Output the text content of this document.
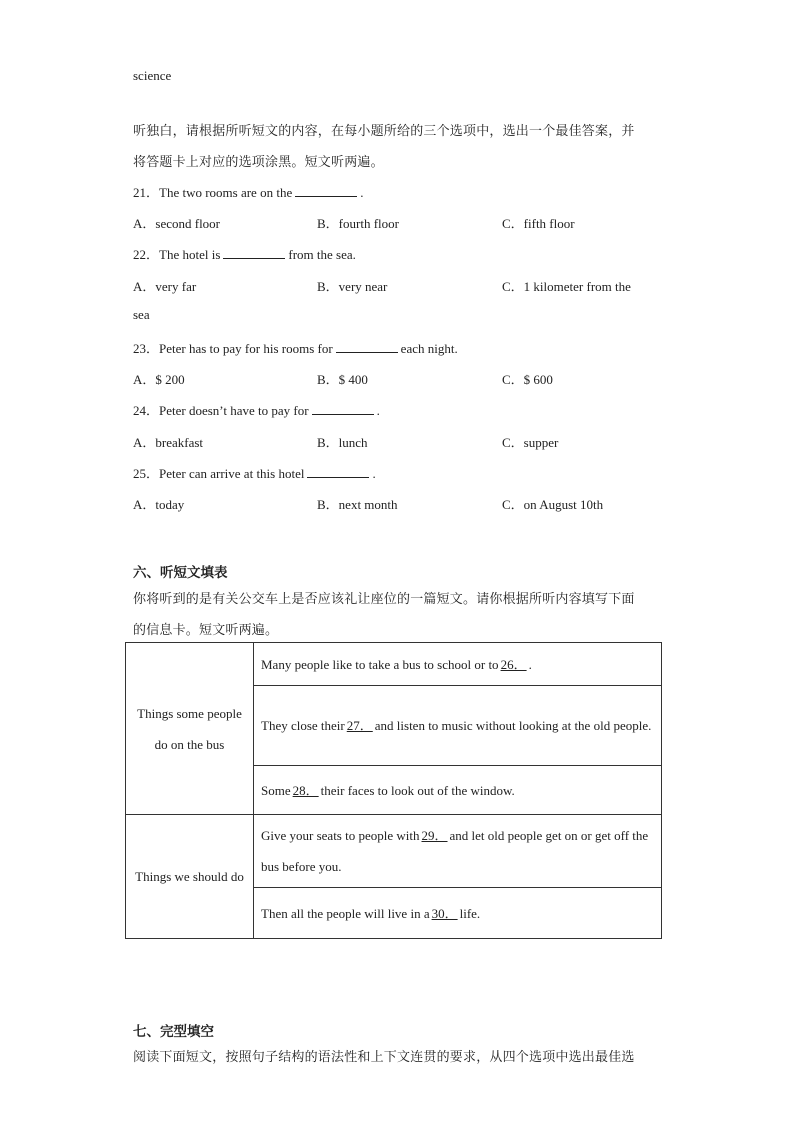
science
听独白，请根据所听短文的内容，在每小题所给的三个选项中，选出一个最佳答案，并
将答题卡上对应的选项涂黑。短文听两遍。
21．The two rooms are on the	.
A．second floor	B．fourth floor	C．fifth floor
22．The hotel is	from the sea.
A．very far	B．very near	C．1 kilometer from the
sea
23．Peter has to pay for his rooms for	each night.
A．$ 200	B．$ 400	C．$ 600
24．Peter doesn’t have to pay for	.
A．breakfast	B．lunch	C．supper
25．Peter can arrive at this hotel	.
A．today	B．next month	C．on August 10th
六、听短文填表
你将听到的是有关公交车上是否应该礼让座位的一篇短文。请你根据所听内容填写下面
的信息卡。短文听两遍。
Things some people do on the bus	Many people like to take a bus to school or to 26． .
	They close their 27． and listen to music without looking at the old people.
	Some 28． their faces to look out of the window.
Things we should do	Give your seats to people with 29． and let old people get on or get off the bus before you.
	Then all the people will live in a 30． life.
七、完型填空
阅读下面短文，按照句子结构的语法性和上下文连贯的要求，从四个选项中选出最佳选
